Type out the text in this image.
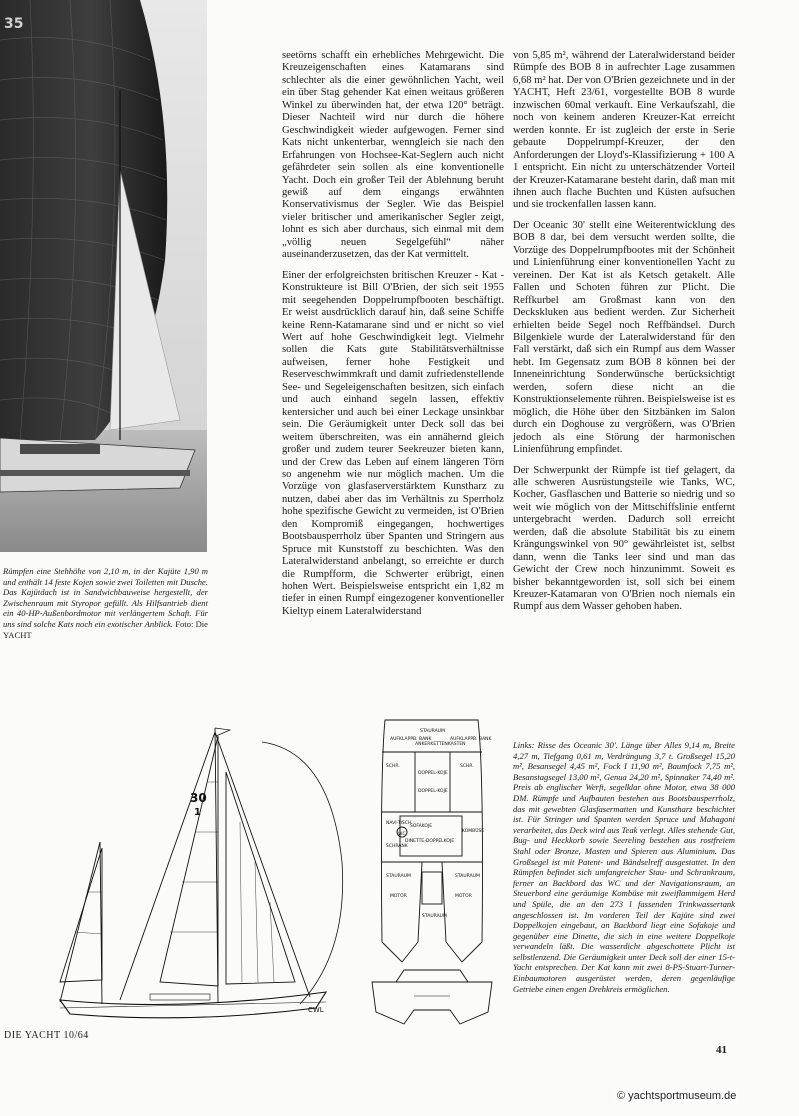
35
Rümpfen eine Stehhöhe von 2,10 m, in der Kajüte 1,90 m und enthält 14 feste Kojen sowie zwei Toiletten mit Dusche. Das Kajütdach ist in Sandwichbauweise hergestellt, der Zwischenraum mit Styropor gefüllt. Als Hilfsantrieb dient ein 40-HP-Außenbordmotor mit verlängertem Schaft. Für uns sind solche Kats noch ein exotischer Anblick. Foto: Die YACHT

seetörns schafft ein erhebliches Mehrgewicht. Die Kreuzeigenschaften eines Katamarans sind schlechter als die einer gewöhnlichen Yacht, weil ein über Stag gehender Kat einen weitaus größeren Winkel zu überwinden hat, der etwa 120° beträgt. Dieser Nachteil wird nur durch die höhere Geschwindigkeit wieder aufgewogen. Ferner sind Kats nicht unkenterbar, wenngleich sie nach den Erfahrungen von Hochsee-Kat-Seglern auch nicht gefährdeter sein sollen als eine konventionelle Yacht. Doch ein großer Teil der Ablehnung beruht gewiß auf dem eingangs erwähnten Konservativismus der Segler. Wie das Beispiel vieler britischer und amerikanischer Segler zeigt, lohnt es sich aber durchaus, sich einmal mit dem „völlig neuen Segelgefühl“ näher auseinanderzusetzen, das der Kat vermittelt.

Einer der erfolgreichsten britischen Kreuzer - Kat - Konstrukteure ist Bill O'Brien, der sich seit 1955 mit seegehenden Doppelrumpfbooten beschäftigt. Er weist ausdrücklich darauf hin, daß seine Schiffe keine Renn-Katamarane sind und er nicht so viel Wert auf hohe Geschwindigkeit legt. Vielmehr sollen die Kats gute Stabilitätsverhältnisse aufweisen, ferner hohe Festigkeit und Reserveschwimmkraft und damit zufriedenstellende See- und Segeleigenschaften besitzen, sich einfach und auch einhand segeln lassen, effektiv kentersicher und auch bei einer Leckage unsinkbar sein. Die Geräumigkeit unter Deck soll das bei weitem überschreiten, was ein annähernd gleich großer und zudem teurer Seekreuzer bieten kann, und der Crew das Leben auf einem längeren Törn so angenehm wie nur möglich machen. Um die Vorzüge von glasfaserverstärktem Kunstharz zu nutzen, dabei aber das im Verhältnis zu Sperrholz hohe spezifische Gewicht zu vermeiden, ist O'Brien den Kompromiß eingegangen, hochwertiges Bootsbausperrholz über Spanten und Stringern aus Spruce mit Kunststoff zu beschichten. Was den Lateralwiderstand anbelangt, so erreichte er durch die Rumpfform, die Schwerter erübrigt, einen hohen Wert. Beispielsweise entspricht ein 1,82 m tiefer in einen Rumpf eingezogener konventioneller Kieltyp einem Lateralwiderstand

von 5,85 m², während der Lateralwiderstand beider Rümpfe des BOB 8 in aufrechter Lage zusammen 6,68 m² hat. Der von O'Brien gezeichnete und in der YACHT, Heft 23/61, vorgestellte BOB 8 wurde inzwischen 60mal verkauft. Eine Verkaufszahl, die noch von keinem anderen Kreuzer-Kat erreicht werden konnte. Er ist zugleich der erste in Serie gebaute Doppelrumpf-Kreuzer, der den Anforderungen der Lloyd's-Klassifizierung + 100 A 1 entspricht. Ein nicht zu unterschätzender Vorteil der Kreuzer-Katamarane besteht darin, daß man mit ihnen auch flache Buchten und Küsten aufsuchen und sie trockenfallen lassen kann.

Der Oceanic 30' stellt eine Weiterentwicklung des BOB 8 dar, bei dem versucht werden sollte, die Vorzüge des Doppelrumpfbootes mit der Schönheit und Linienführung einer konventionellen Yacht zu vereinen. Der Kat ist als Ketsch getakelt. Alle Fallen und Schoten führen zur Plicht. Die Reffkurbel am Großmast kann von den Deckskluken aus bedient werden. Zur Sicherheit erhielten beide Segel noch Reffbändsel. Durch Bilgenkiele wurde der Lateralwiderstand für den Fall verstärkt, daß sich ein Rumpf aus dem Wasser hebt. Im Gegensatz zum BOB 8 können bei der Inneneinrichtung Sonderwünsche berücksichtigt werden, sofern diese nicht an die Konstruktionselemente rühren. Beispielsweise ist es möglich, die Höhe über den Sitzbänken im Salon durch ein Doghouse zu vergrößern, was O'Brien jedoch als eine Störung der harmonischen Linienführung empfindet.

Der Schwerpunkt der Rümpfe ist tief gelagert, da alle schweren Ausrüstungsteile wie Tanks, WC, Kocher, Gasflaschen und Batterie so niedrig und so weit wie möglich von der Mittschiffslinie entfernt untergebracht werden. Dadurch soll erreicht werden, daß die absolute Stabilität bis zu einem Krängungswinkel von 90° gewährleistet ist, selbst dann, wenn die Tanks leer sind und man das Gewicht der Crew noch hinzunimmt. Soweit es bisher bekanntgeworden ist, soll sich bei einem Kreuzer-Katamaran von O'Brien noch niemals ein Rumpf aus dem Wasser gehoben haben.

30
1
CWL
AUFKLAPPB. BANK
STAURAUM
ANKERKETTENKASTEN
AUFKLAPPB. BANK
SCHR.	SCHR.
DOPPEL-KOJE
DOPPEL-KOJE
NAVI-TISCH
WC
SCHRANK
SOFAKOJE
DINETTE-DOPPELKOJE
KOMBÜSE
STAURAUM
MOTOR	MOTOR
STAURAUM
STAURAUM
Links: Risse des Oceanic 30'. Länge über Alles 9,14 m, Breite 4,27 m, Tiefgang 0,61 m, Verdrängung 3,7 t. Großsegel 15,20 m², Besansegel 4,45 m², Fock I 11,90 m², Baumfock 7,75 m², Besanstagsegel 13,00 m², Genua 24,20 m², Spinnaker 74,40 m². Preis ab englischer Werft, segelklar ohne Motor, etwa 38 000 DM. Rümpfe und Aufbauten bestehen aus Bootsbausperrholz, das mit gewebten Glasfasermatten und Kunstharz beschichtet ist. Für Stringer und Spanten werden Spruce und Mahagoni verarbeitet, das Deck wird aus Teak verlegt. Alles stehende Gut, Bug- und Heckkorb sowie Seereling bestehen aus rostfreiem Stahl oder Bronze, Masten und Spieren aus Aluminium. Das Großsegel ist mit Patent- und Bändselreff ausgestattet. In den Rümpfen befindet sich umfangreicher Stau- und Schrankraum, ferner an Backbord das WC und der Navigationsraum, an Steuerbord eine geräumige Kombüse mit zweiflammigem Herd und Spüle, die an den 273 l fassenden Trinkwassertank angeschlossen ist. Im vorderen Teil der Kajüte sind zwei Doppelkojen eingebaut, an Backbord liegt eine Sofakoje und gegenüber eine Dinette, die sich in eine weitere Doppelkoje verwandeln läßt. Die wasserdicht abgeschottete Plicht ist selbstlenzend. Die Geräumigkeit unter Deck soll der einer 15-t-Yacht entsprechen. Der Kat kann mit zwei 8-PS-Stuart-Turner-Einbaumotoren ausgerüstet werden, deren gegenläufige Getriebe einen engen Drehkreis ermöglichen.
DIE YACHT 10/64
41
© yachtsportmuseum.de
